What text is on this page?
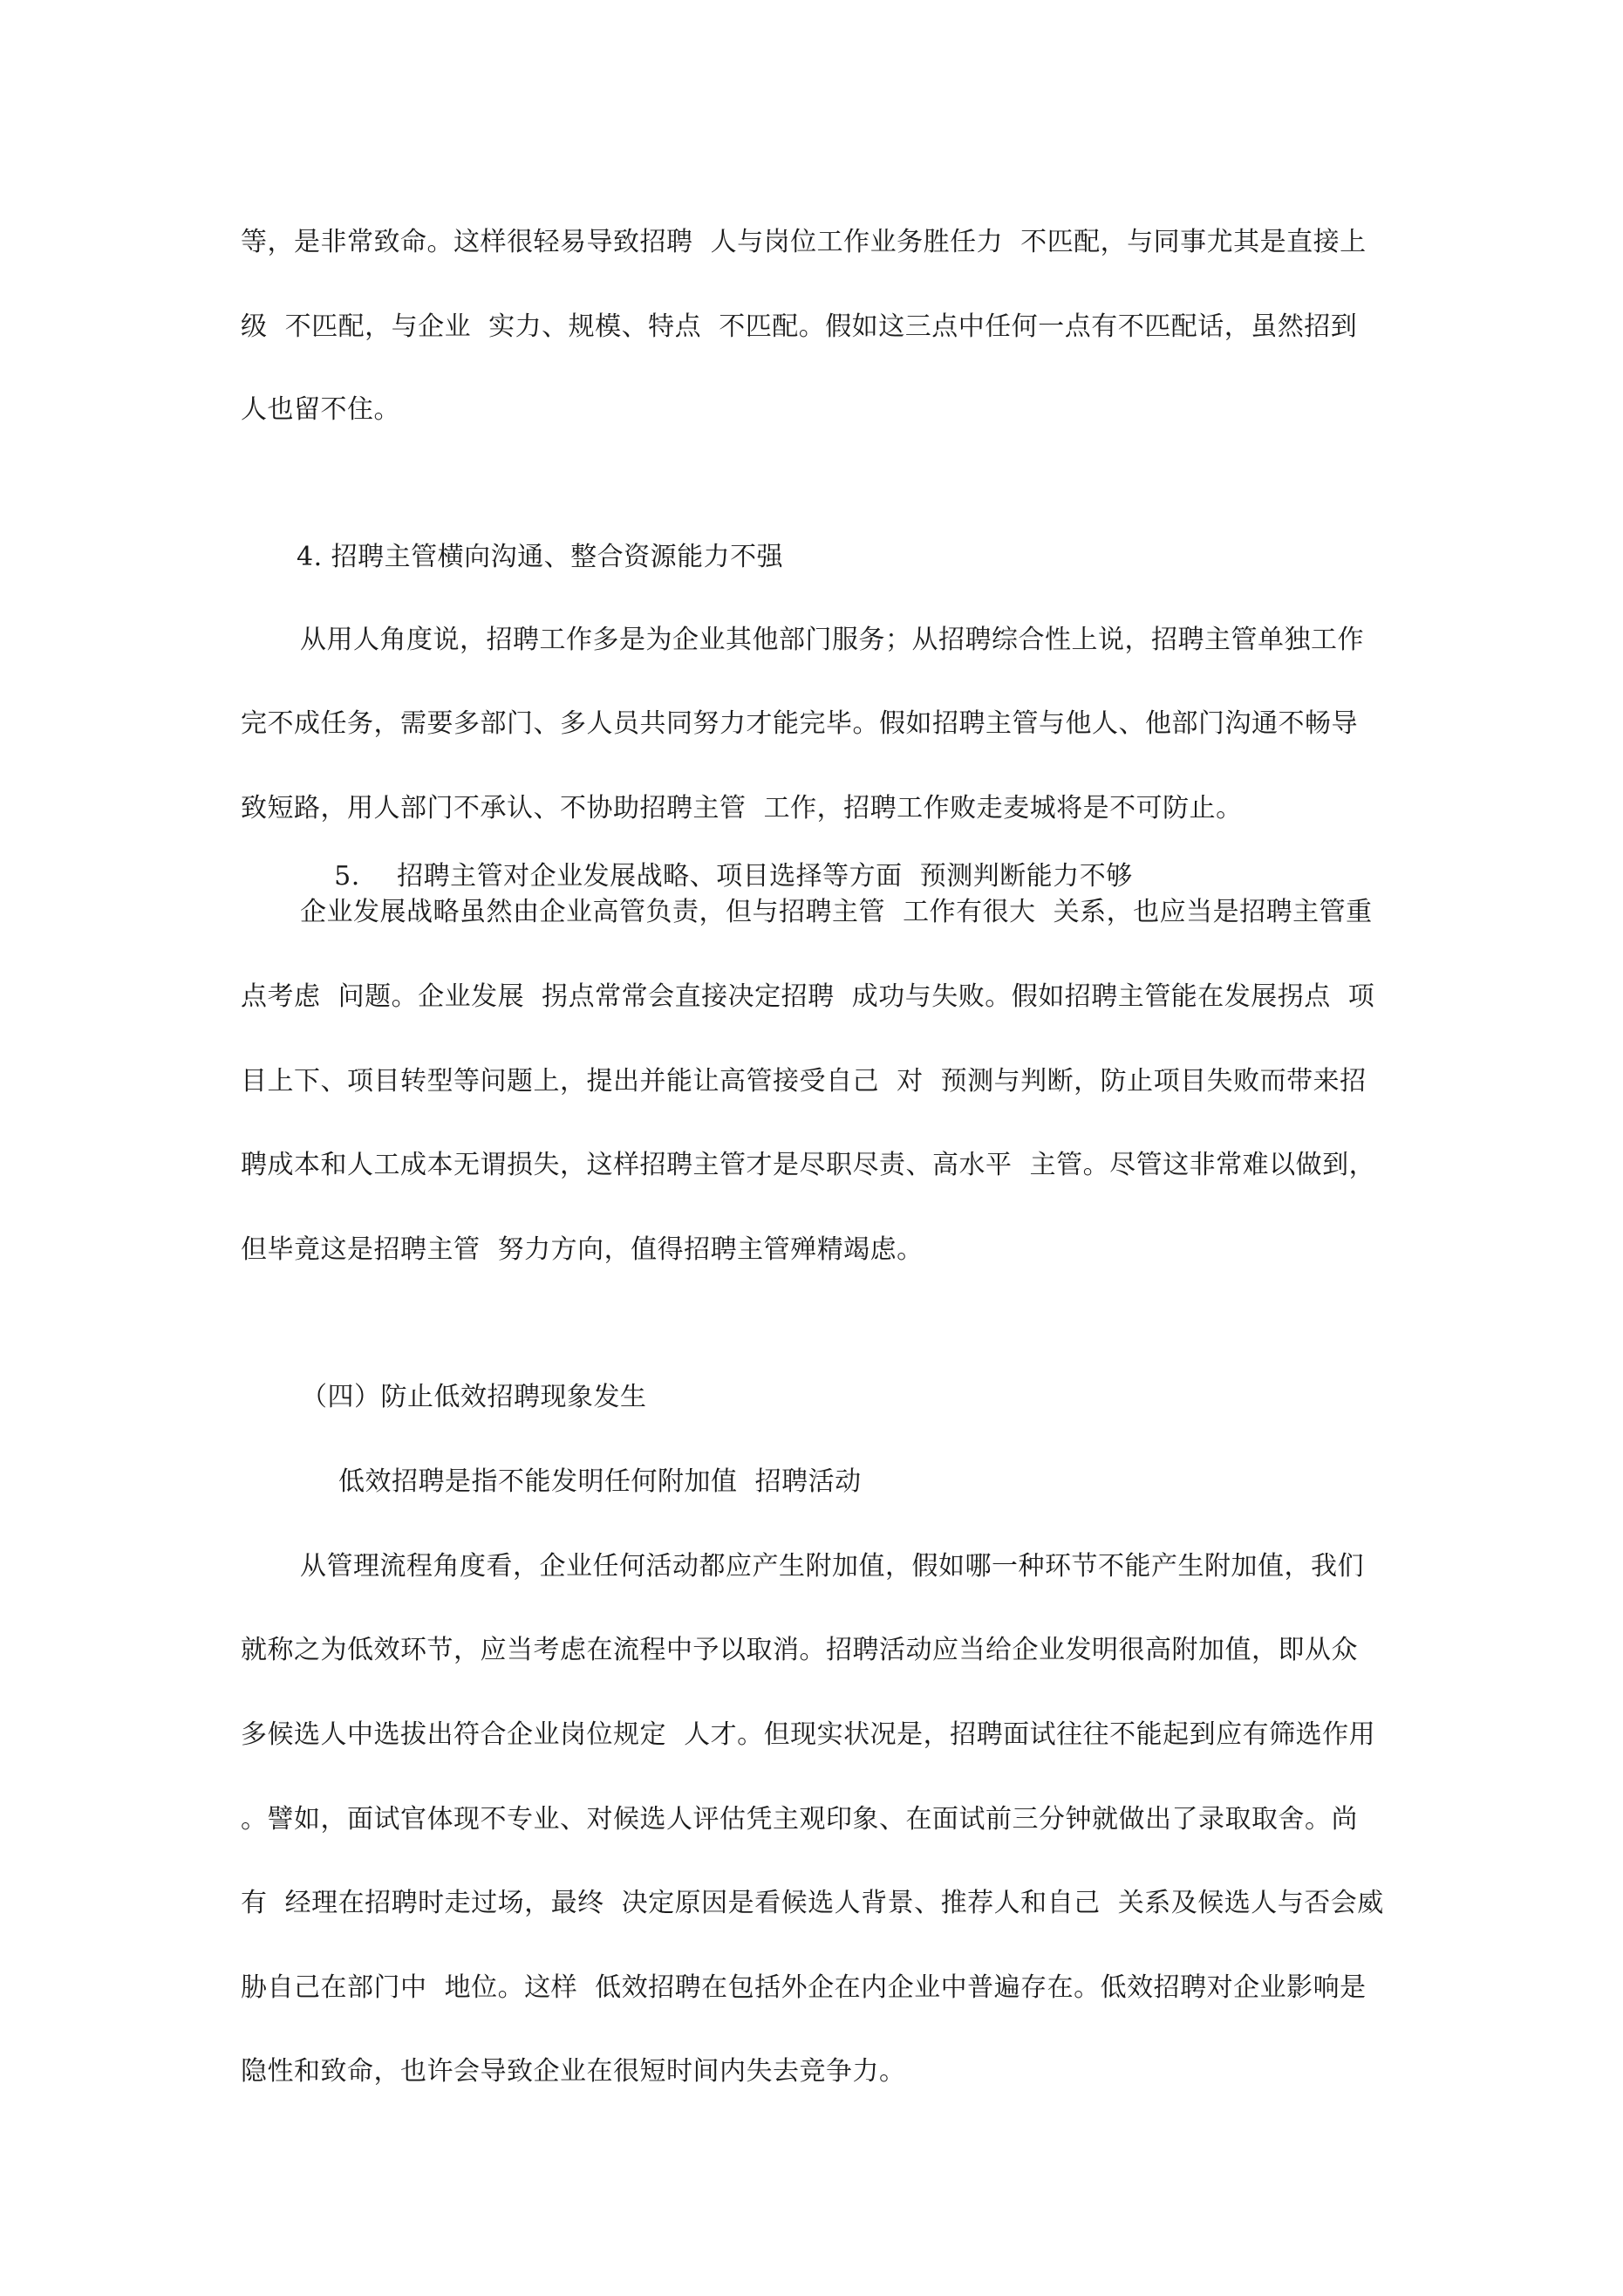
等，是非常致命。这样很轻易导致招聘  人与岗位工作业务胜任力  不匹配，与同事尤其是直接上
级  不匹配，与企业  实力、规模、特点  不匹配。假如这三点中任何一点有不匹配话，虽然招到
人也留不住。
4. 招聘主管横向沟通、整合资源能力不强
从用人角度说，招聘工作多是为企业其他部门服务；从招聘综合性上说，招聘主管单独工作
完不成任务，需要多部门、多人员共同努力才能完毕。假如招聘主管与他人、他部门沟通不畅导
致短路，用人部门不承认、不协助招聘主管  工作，招聘工作败走麦城将是不可防止。

5. 招聘主管对企业发展战略、项目选择等方面  预测判断能力不够

企业发展战略虽然由企业高管负责，但与招聘主管  工作有很大  关系，也应当是招聘主管重
点考虑  问题。企业发展  拐点常常会直接决定招聘  成功与失败。假如招聘主管能在发展拐点  项
目上下、项目转型等问题上，提出并能让高管接受自己  对  预测与判断，防止项目失败而带来招
聘成本和人工成本无谓损失，这样招聘主管才是尽职尽责、高水平  主管。尽管这非常难以做到，
但毕竟这是招聘主管  努力方向，值得招聘主管殚精竭虑。
（四）防止低效招聘现象发生
低效招聘是指不能发明任何附加值  招聘活动
从管理流程角度看，企业任何活动都应产生附加值，假如哪一种环节不能产生附加值，我们
就称之为低效环节，应当考虑在流程中予以取消。招聘活动应当给企业发明很高附加值，即从众
多候选人中选拔出符合企业岗位规定  人才。但现实状况是，招聘面试往往不能起到应有筛选作用
。譬如，面试官体现不专业、对候选人评估凭主观印象、在面试前三分钟就做出了录取取舍。尚
有  经理在招聘时走过场，最终  决定原因是看候选人背景、推荐人和自己  关系及候选人与否会威
胁自己在部门中  地位。这样  低效招聘在包括外企在内企业中普遍存在。低效招聘对企业影响是
隐性和致命，也许会导致企业在很短时间内失去竞争力。
